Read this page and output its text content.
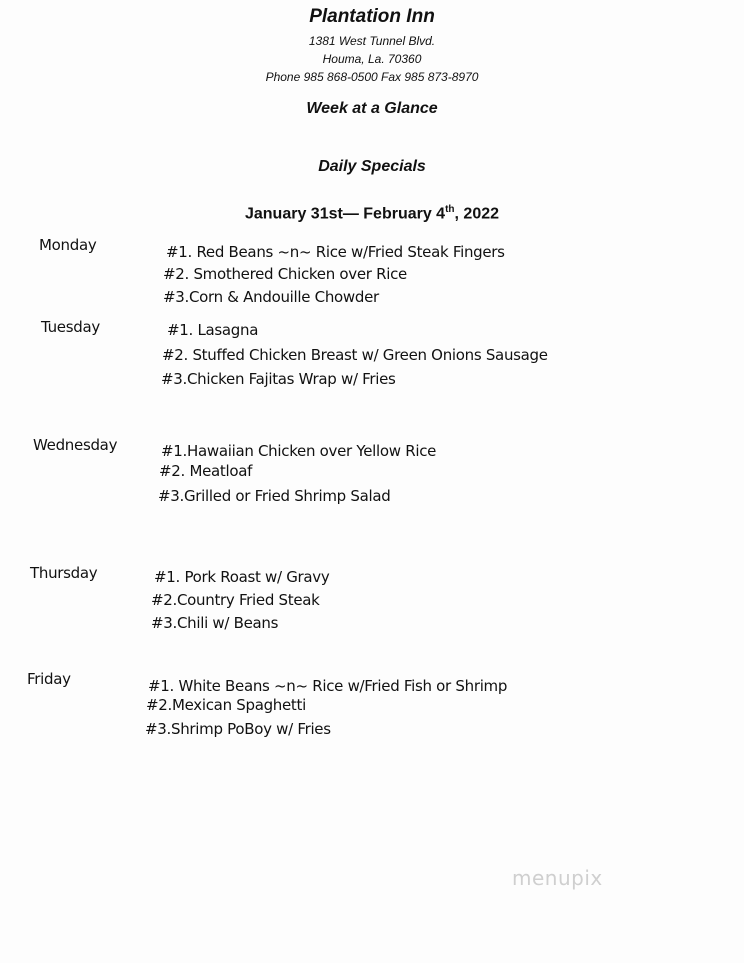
Plantation Inn
1381 West Tunnel Blvd.
Houma, La. 70360
Phone 985 868-0500 Fax 985 873-8970
Week at a Glance
Daily Specials
January 31st— February 4th, 2022
Monday	#1. Red Beans ~n~ Rice w/Fried Steak Fingers
#2. Smothered Chicken over Rice
#3.Corn & Andouille Chowder
Tuesday	#1. Lasagna
#2. Stuffed Chicken Breast w/ Green Onions Sausage
#3.Chicken Fajitas Wrap w/ Fries
Wednesday	#1.Hawaiian Chicken over Yellow Rice
#2. Meatloaf
#3.Grilled or Fried Shrimp Salad
Thursday	#1. Pork Roast w/ Gravy
#2.Country Fried Steak
#3.Chili w/ Beans
Friday	#1. White Beans ~n~ Rice w/Fried Fish or Shrimp
#2.Mexican Spaghetti
#3.Shrimp PoBoy w/ Fries
menupix
